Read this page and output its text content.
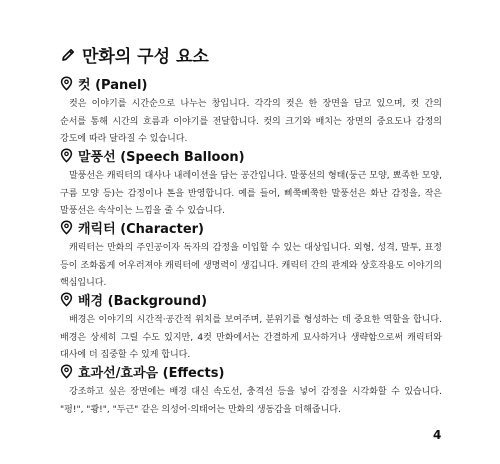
만화의 구성 요소
컷 (Panel)
컷은 이야기를 시간순으로 나누는 창입니다. 각각의 컷은 한 장면을 담고 있으며, 컷 간의 순서를 통해 시간의 흐름과 이야기를 전달합니다. 컷의 크기와 배치는 장면의 중요도나 감정의 강도에 따라 달라질 수 있습니다.
말풍선 (Speech Balloon)
말풍선은 캐릭터의 대사나 내레이션을 담는 공간입니다. 말풍선의 형태(둥근 모양, 뾰족한 모양, 구름 모양 등)는 감정이나 톤을 반영합니다. 예를 들어, 삐쭉삐쭉한 말풍선은 화난 감정을, 작은 말풍선은 속삭이는 느낌을 줄 수 있습니다.
캐릭터 (Character)
캐릭터는 만화의 주인공이자 독자의 감정을 이입할 수 있는 대상입니다. 외형, 성격, 말투, 표정 등이 조화롭게 어우러져야 캐릭터에 생명력이 생깁니다. 캐릭터 간의 관계와 상호작용도 이야기의 핵심입니다.
배경 (Background)
배경은 이야기의 시간적·공간적 위치를 보여주며, 분위기를 형성하는 데 중요한 역할을 합니다. 배경은 상세히 그릴 수도 있지만, 4컷 만화에서는 간결하게 묘사하거나 생략함으로써 캐릭터와 대사에 더 집중할 수 있게 합니다.
효과선/효과음 (Effects)
강조하고 싶은 장면에는 배경 대신 속도선, 충격선 등을 넣어 감정을 시각화할 수 있습니다. "펑!", "쾅!", "두근" 같은 의성어·의태어는 만화의 생동감을 더해줍니다.
4
